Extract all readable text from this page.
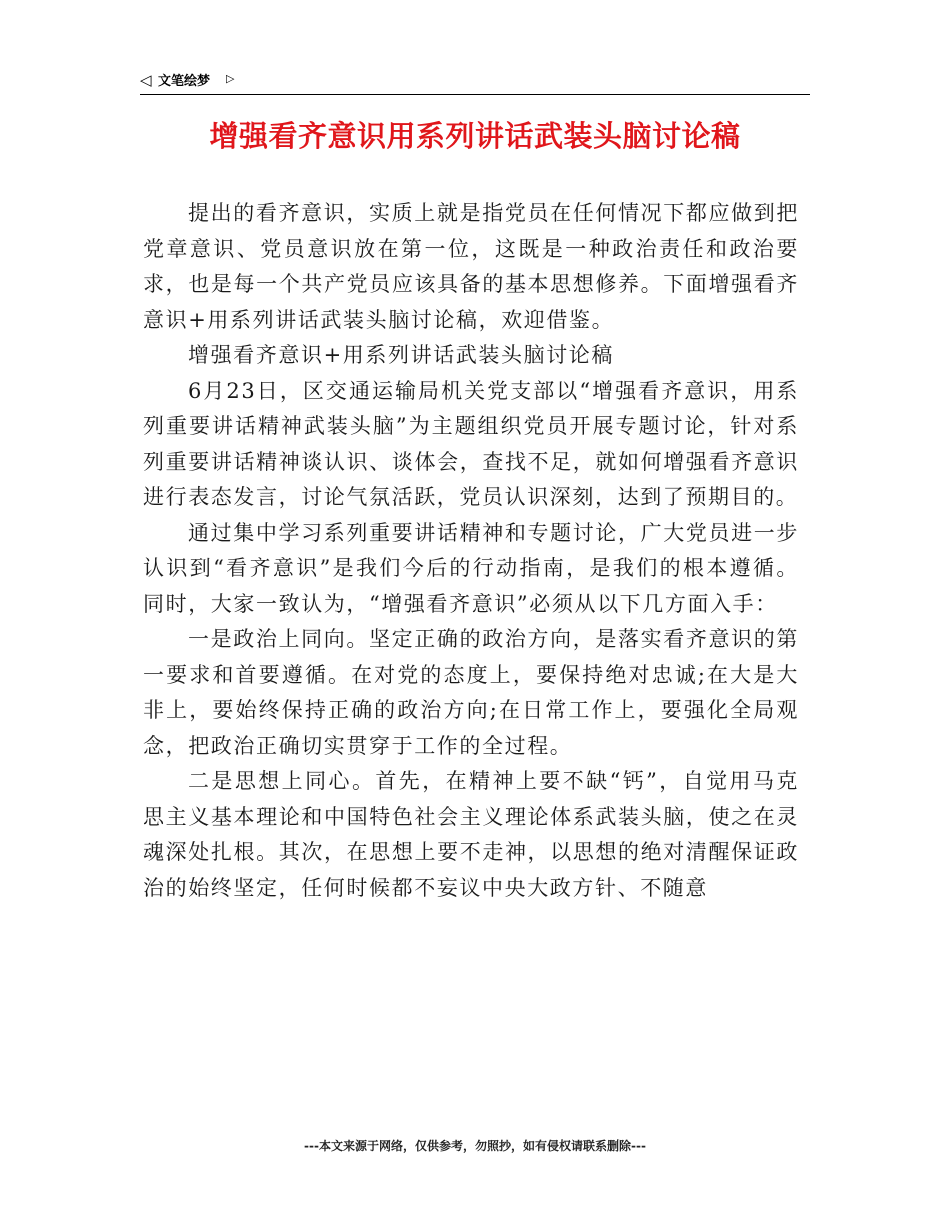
◁ 文笔绘梦 ▷
增强看齐意识用系列讲话武装头脑讨论稿

提出的看齐意识，实质上就是指党员在任何情况下都应做到把党章意识、党员意识放在第一位，这既是一种政治责任和政治要求，也是每一个共产党员应该具备的基本思想修养。下面增强看齐意识+用系列讲话武装头脑讨论稿，欢迎借鉴。

增强看齐意识+用系列讲话武装头脑讨论稿

6月23日，区交通运输局机关党支部以“增强看齐意识，用系列重要讲话精神武装头脑”为主题组织党员开展专题讨论，针对系列重要讲话精神谈认识、谈体会，查找不足，就如何增强看齐意识进行表态发言，讨论气氛活跃，党员认识深刻，达到了预期目的。

通过集中学习系列重要讲话精神和专题讨论，广大党员进一步认识到“看齐意识”是我们今后的行动指南，是我们的根本遵循。同时，大家一致认为，“增强看齐意识”必须从以下几方面入手：

一是政治上同向。坚定正确的政治方向，是落实看齐意识的第一要求和首要遵循。在对党的态度上，要保持绝对忠诚;在大是大非上，要始终保持正确的政治方向;在日常工作上，要强化全局观念，把政治正确切实贯穿于工作的全过程。

二是思想上同心。首先，在精神上要不缺“钙”，自觉用马克思主义基本理论和中国特色社会主义理论体系武装头脑，使之在灵魂深处扎根。其次，在思想上要不走神，以思想的绝对清醒保证政治的始终坚定，任何时候都不妄议中央大政方针、不随意

---本文来源于网络，仅供参考，勿照抄，如有侵权请联系删除---
